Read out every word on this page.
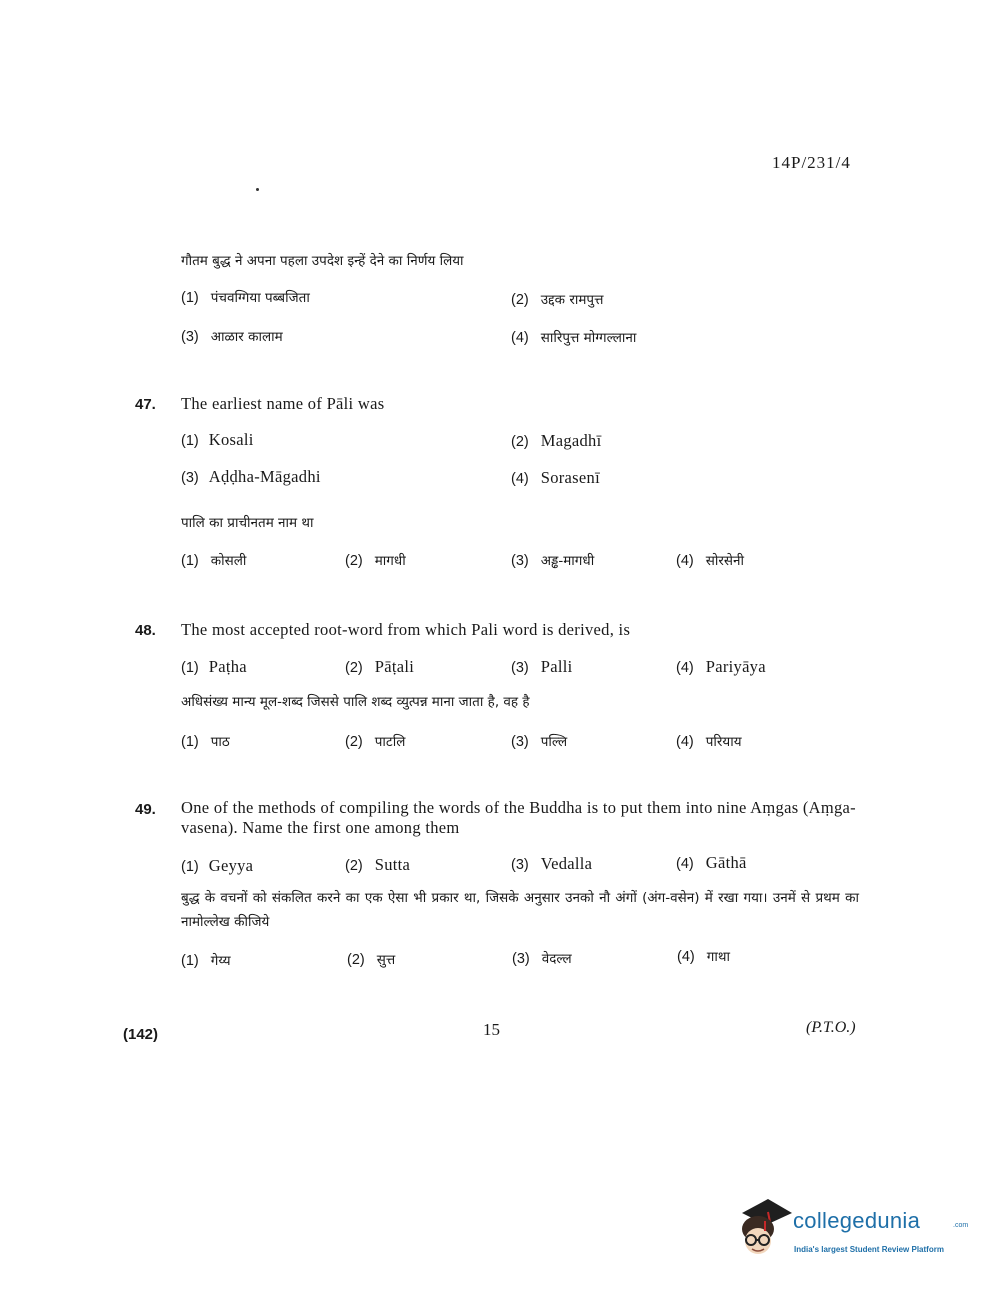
14P/231/4
गौतम बुद्ध ने अपना पहला उपदेश इन्हें देने का निर्णय लिया
(1) पंचवग्गिया पब्बजिता	(2) उद्दक रामपुत्त
(3) आळार कालाम	(4) सारिपुत्त मोग्गल्लाना
47. The earliest name of Pāli was
(1) Kosali	(2) Magadhī
(3) Aḍḍha-Māgadhi	(4) Sorasenī
पालि का प्राचीनतम नाम था
(1) कोसली	(2) मागधी	(3) अड्ढ-मागधी	(4) सोरसेनी
48. The most accepted root-word from which Pali word is derived, is
(1) Paṭha	(2) Pāṭali	(3) Palli	(4) Pariyāya
अधिसंख्य मान्य मूल-शब्द जिससे पालि शब्द व्युत्पन्न माना जाता है, वह है
(1) पाठ	(2) पाटलि	(3) पल्लि	(4) परियाय
49. One of the methods of compiling the words of the Buddha is to put them into nine Aṃgas (Aṃga-vasena). Name the first one among them
(1) Geyya	(2) Sutta	(3) Vedalla	(4) Gāthā
बुद्ध के वचनों को संकलित करने का एक ऐसा भी प्रकार था, जिसके अनुसार उनको नौ अंगों (अंग-वसेन) में रखा गया। उनमें से प्रथम का नामोल्लेख कीजिये
(1) गेय्य	(2) सुत्त	(3) वेदल्ल	(4) गाथा
(142)	15	(P.T.O.)
collegedunia	.com
India's largest Student Review Platform
